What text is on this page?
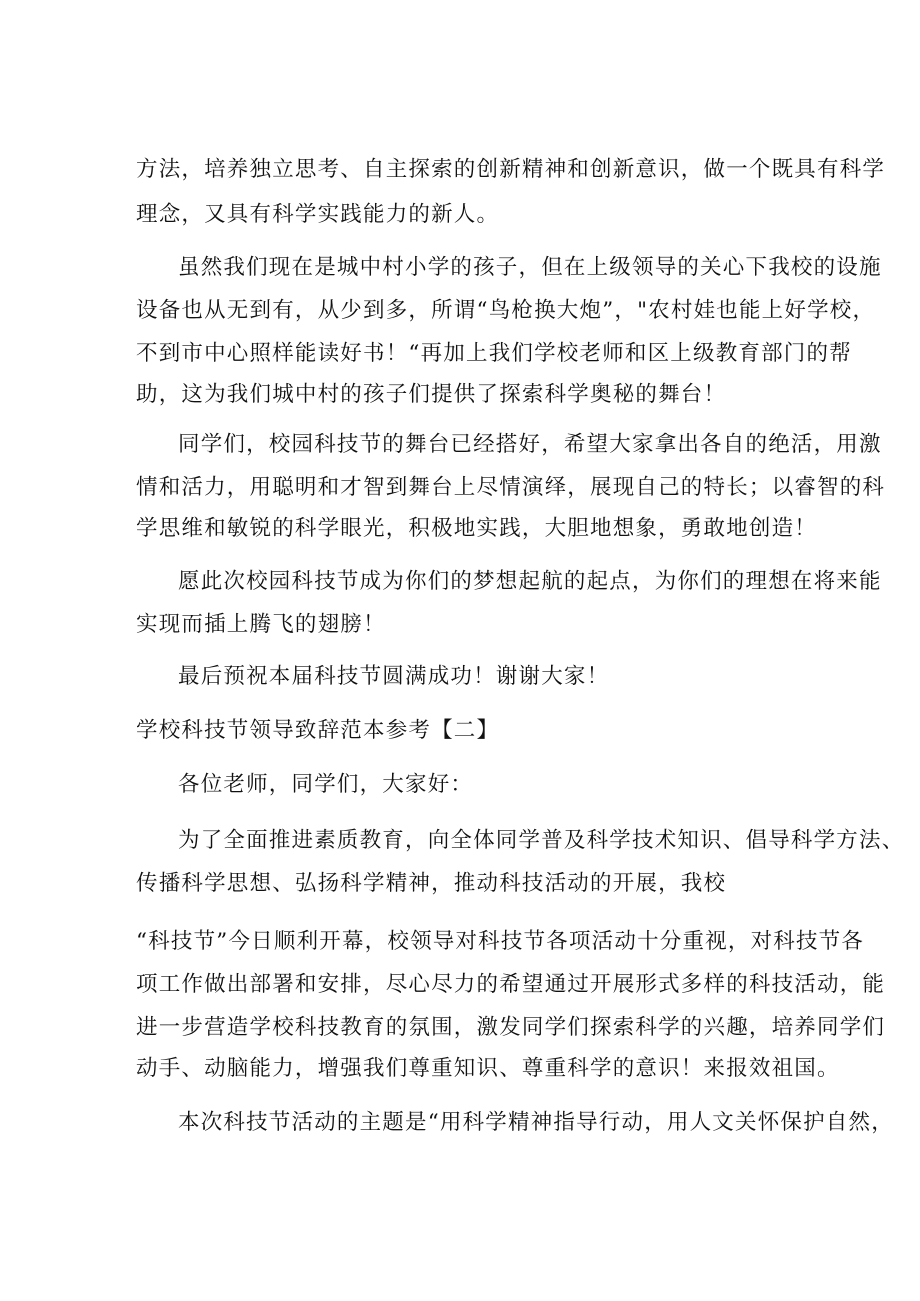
方法，培养独立思考、自主探索的创新精神和创新意识，做一个既具有科学
理念，又具有科学实践能力的新人。
虽然我们现在是城中村小学的孩子，但在上级领导的关心下我校的设施
设备也从无到有，从少到多，所谓“鸟枪换大炮”，"农村娃也能上好学校，
不到市中心照样能读好书！“再加上我们学校老师和区上级教育部门的帮
助，这为我们城中村的孩子们提供了探索科学奥秘的舞台！
同学们，校园科技节的舞台已经搭好，希望大家拿出各自的绝活，用激
情和活力，用聪明和才智到舞台上尽情演绎，展现自己的特长；以睿智的科
学思维和敏锐的科学眼光，积极地实践，大胆地想象，勇敢地创造！
愿此次校园科技节成为你们的梦想起航的起点，为你们的理想在将来能
实现而插上腾飞的翅膀！
最后预祝本届科技节圆满成功！谢谢大家！
学校科技节领导致辞范本参考【二】
各位老师，同学们，大家好：
为了全面推进素质教育，向全体同学普及科学技术知识、倡导科学方法、
传播科学思想、弘扬科学精神，推动科技活动的开展，我校
“科技节”今日顺利开幕，校领导对科技节各项活动十分重视，对科技节各
项工作做出部署和安排，尽心尽力的希望通过开展形式多样的科技活动，能
进一步营造学校科技教育的氛围，激发同学们探索科学的兴趣，培养同学们
动手、动脑能力，增强我们尊重知识、尊重科学的意识！来报效祖国。
本次科技节活动的主题是“用科学精神指导行动，用人文关怀保护自然，
